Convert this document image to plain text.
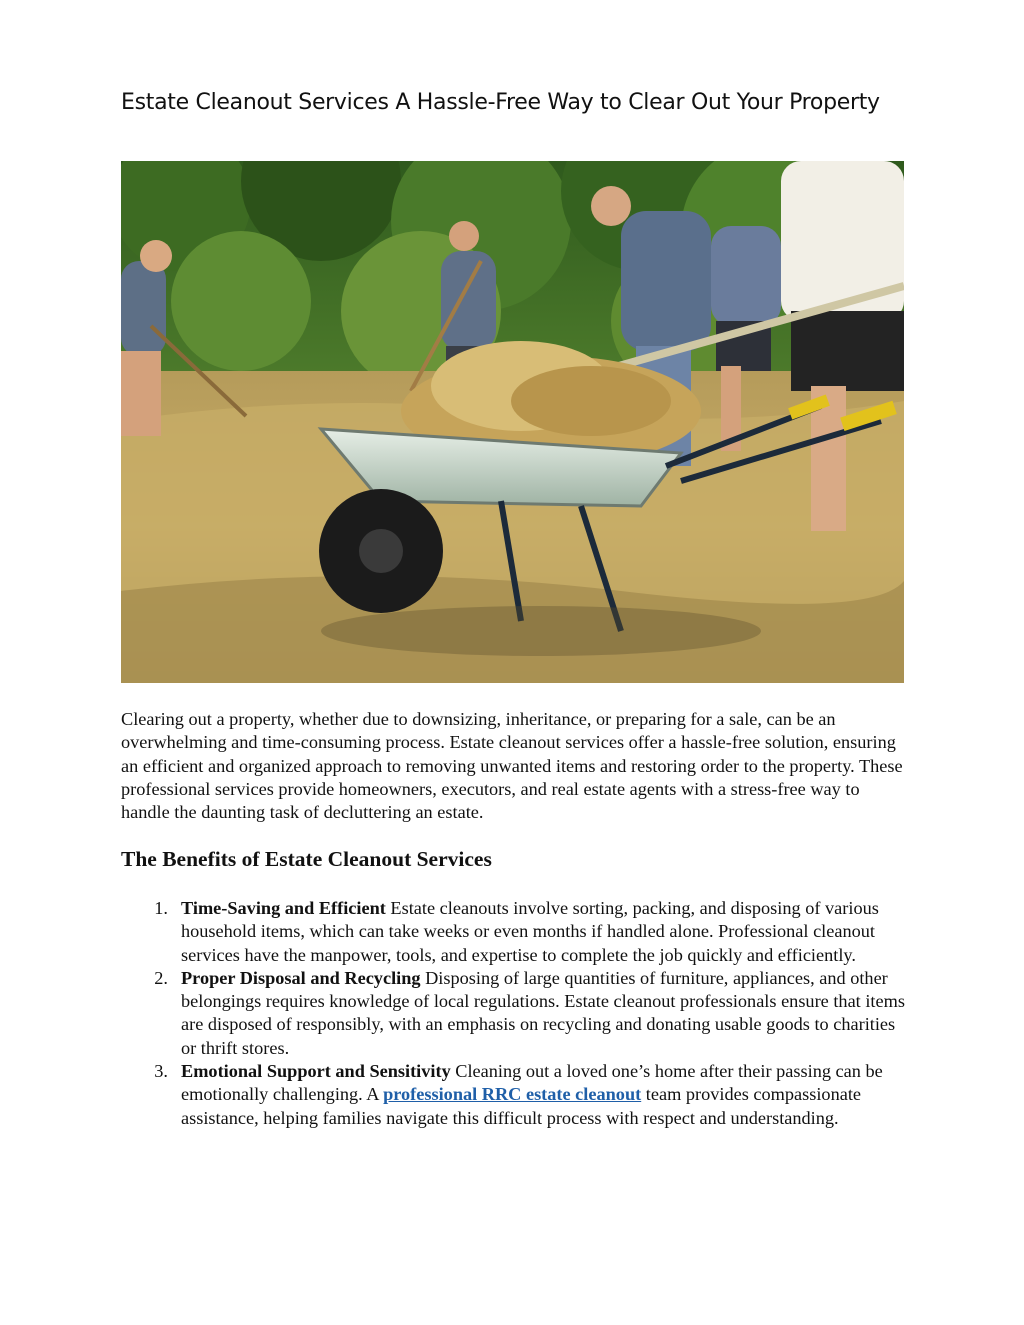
Estate Cleanout Services A Hassle-Free Way to Clear Out Your Property

Clearing out a property, whether due to downsizing, inheritance, or preparing for a sale, can be an overwhelming and time-consuming process. Estate cleanout services offer a hassle-free solution, ensuring an efficient and organized approach to removing unwanted items and restoring order to the property. These professional services provide homeowners, executors, and real estate agents with a stress-free way to handle the daunting task of decluttering an estate.

The Benefits of Estate Cleanout Services
1. Time-Saving and Efficient Estate cleanouts involve sorting, packing, and disposing of various household items, which can take weeks or even months if handled alone. Professional cleanout services have the manpower, tools, and expertise to complete the job quickly and efficiently.
2. Proper Disposal and Recycling Disposing of large quantities of furniture, appliances, and other belongings requires knowledge of local regulations. Estate cleanout professionals ensure that items are disposed of responsibly, with an emphasis on recycling and donating usable goods to charities or thrift stores.
3. Emotional Support and Sensitivity Cleaning out a loved one’s home after their passing can be emotionally challenging. A professional RRC estate cleanout team provides compassionate assistance, helping families navigate this difficult process with respect and understanding.
